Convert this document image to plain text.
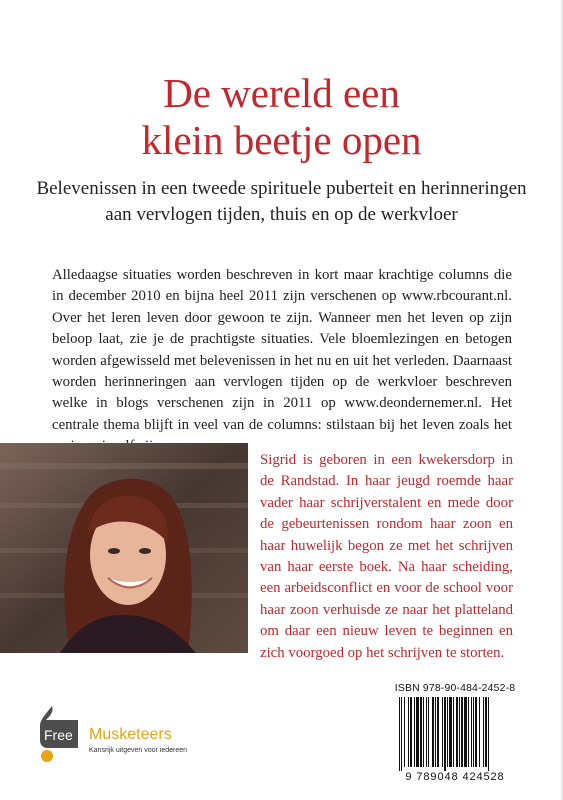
De wereld een
klein beetje open

Belevenissen in een tweede spirituele puberteit en herinneringen
aan vervlogen tijden, thuis en op de werkvloer

Alledaagse situaties worden beschreven in kort maar krachtige columns die in december 2010 en bijna heel 2011 zijn verschenen op www.rbcourant.nl. Over het leren leven door gewoon te zijn. Wanneer men het leven op zijn beloop laat, zie je de prachtigste situaties. Vele bloemlezingen en betogen worden afgewisseld met belevenissen in het nu en uit het verleden. Daarnaast worden herinneringen aan vervlogen tijden op de werkvloer beschreven welke in blogs verschenen zijn in 2011 op www.deondernemer.nl. Het centrale thema blijft in veel van de columns: stilstaan bij het leven zoals het

Sigrid is geboren in een kwekersdorp in de Randstad. In haar jeugd roemde haar vader haar schrijverstalent en mede door de gebeurtenissen rondom haar zoon en haar huwelijk begon ze met het schrijven van haar eerste boek. Na haar scheiding, een arbeidsconflict en voor de school voor haar zoon verhuisde ze naar het platteland om daar een nieuw leven te beginnen en zich voorgoed op het schrijven te storten.

Free Musketeers
Kansrijk uitgeven voor iedereen
ISBN 978-90-484-2452-8
9 789048 424528
